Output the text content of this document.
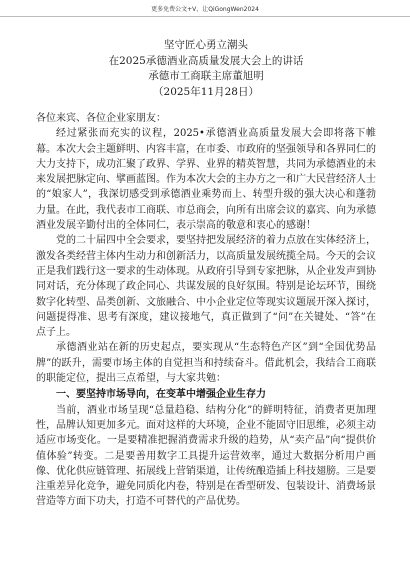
更多免费公文+V，让QiGongWen2024

坚守匠心勇立潮头

在2025承德酒业高质量发展大会上的讲话

承德市工商联主席董旭明

（2025年11月28日）

各位来宾、各位企业家朋友：

经过紧张而充实的议程，2025•承德酒业高质量发展大会即将落下帷幕。本次大会主题鲜明、内容丰富，在市委、市政府的坚强领导和各界同仁的大力支持下，成功汇聚了政界、学界、业界的精英智慧，共同为承德酒业的未来发展把脉定向、擘画蓝图。作为本次大会的主办方之一和广大民营经济人士的“娘家人”，我深切感受到承德酒业乘势而上、转型升级的强大决心和蓬勃力量。在此，我代表市工商联、市总商会，向所有出席会议的嘉宾、向为承德酒业发展辛勤付出的全体同仁，表示崇高的敬意和衷心的感谢！

党的二十届四中全会要求，要坚持把发展经济的着力点放在实体经济上，激发各类经营主体内生动力和创新活力，以高质量发展统揽全局。今天的会议正是我们践行这一要求的生动体现。从政府引导到专家把脉，从企业发声到协同对话，充分体现了政企同心、共谋发展的良好氛围。特别是论坛环节，围绕数字化转型、品类创新、文旅融合、中小企业定位等现实议题展开深入探讨，问题提得准、思考有深度，建议接地气，真正做到了“问”在关键处、“答”在点子上。

承德酒业站在新的历史起点，要实现从“生态特色产区”到“全国优势品牌”的跃升，需要市场主体的自觉担当和持续奋斗。借此机会，我结合工商联的职能定位，提出三点希望，与大家共勉：

一、要坚持市场导向，在变革中增强企业生存力

当前，酒业市场呈现“总量趋稳、结构分化”的鲜明特征，消费者更加理性，品牌认知更加多元。面对这样的大环境，企业不能固守旧思维，必须主动适应市场变化。一是要精准把握消费需求升级的趋势，从“卖产品”向“提供价值体验”转变。二是要善用数字工具提升运营效率，通过大数据分析用户画像、优化供应链管理、拓展线上营销渠道，让传统酿造插上科技翅膀。三是要注重差异化竞争，避免同质化内卷，特别是在香型研发、包装设计、消费场景营造等方面下功夫，打造不可替代的产品优势。
